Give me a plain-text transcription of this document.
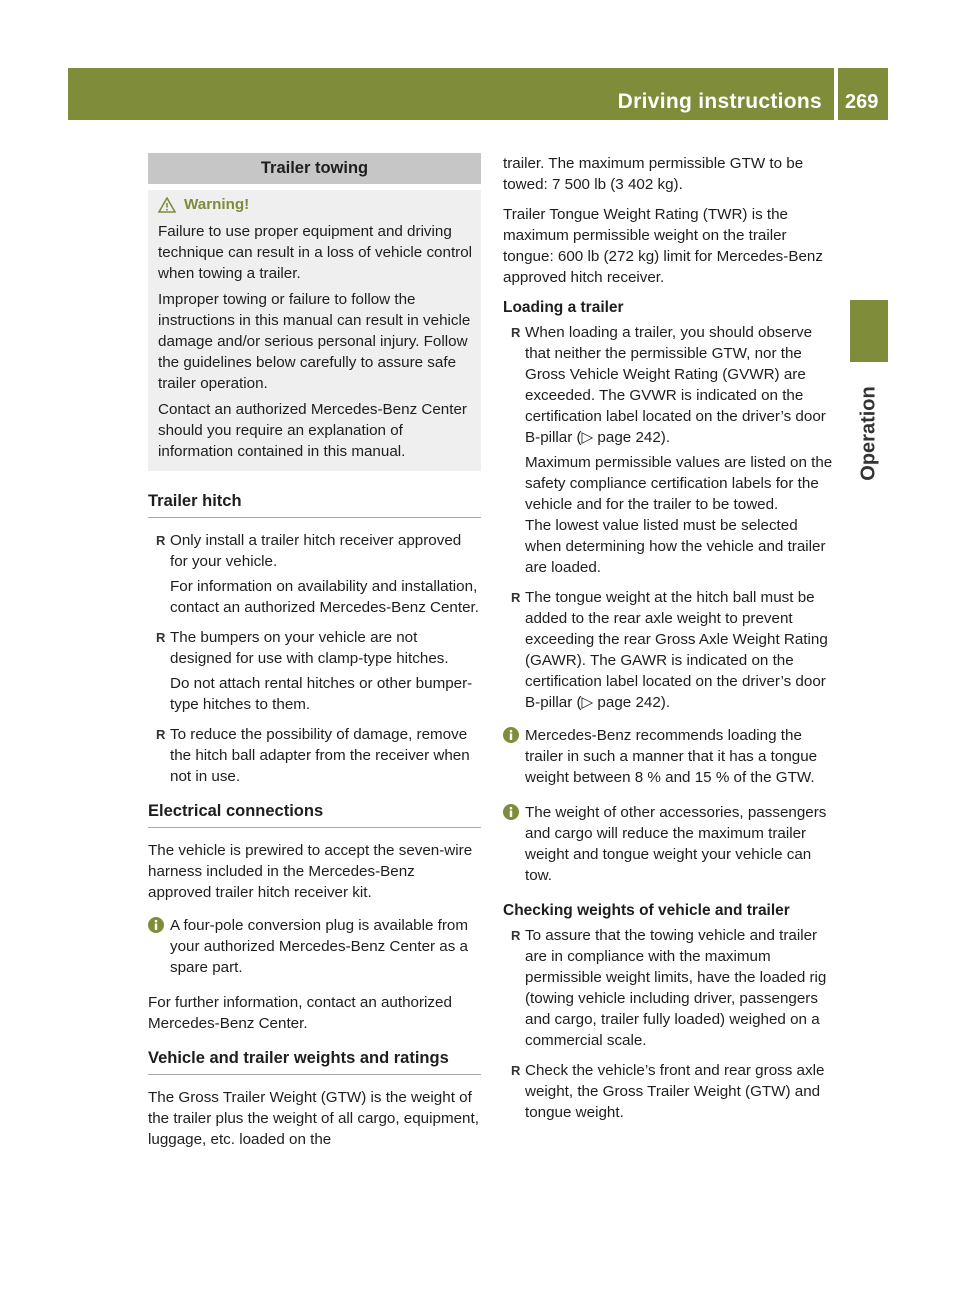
Driving instructions	269
Operation
Trailer towing
Warning!

Failure to use proper equipment and driving technique can result in a loss of vehicle control when towing a trailer.

Improper towing or failure to follow the instructions in this manual can result in vehicle damage and/or serious personal injury. Follow the guidelines below carefully to assure safe trailer operation.

Contact an authorized Mercedes-Benz Center should you require an explanation of information contained in this manual.

Trailer hitch
R Only install a trailer hitch receiver approved for your vehicle.
For information on availability and installation, contact an authorized Mercedes-Benz Center.
R The bumpers on your vehicle are not designed for use with clamp-type hitches.
Do not attach rental hitches or other bumper-type hitches to them.
R To reduce the possibility of damage, remove the hitch ball adapter from the receiver when not in use.
Electrical connections

The vehicle is prewired to accept the seven-wire harness included in the Mercedes-Benz approved trailer hitch receiver kit.

A four-pole conversion plug is available from your authorized Mercedes-Benz Center as a spare part.

For further information, contact an authorized Mercedes-Benz Center.

Vehicle and trailer weights and ratings

The Gross Trailer Weight (GTW) is the weight of the trailer plus the weight of all cargo, equipment, luggage, etc. loaded on the

trailer. The maximum permissible GTW to be towed: 7 500 lb (3 402 kg).

Trailer Tongue Weight Rating (TWR) is the maximum permissible weight on the trailer tongue: 600 lb (272 kg) limit for Mercedes-Benz approved hitch receiver.

Loading a trailer
R When loading a trailer, you should observe that neither the permissible GTW, nor the Gross Vehicle Weight Rating (GVWR) are exceeded. The GVWR is indicated on the certification label located on the driver’s door B-pillar (▷ page 242).
Maximum permissible values are listed on the safety compliance certification labels for the vehicle and for the trailer to be towed.
The lowest value listed must be selected when determining how the vehicle and trailer are loaded.
R The tongue weight at the hitch ball must be added to the rear axle weight to prevent exceeding the rear Gross Axle Weight Rating (GAWR). The GAWR is indicated on the certification label located on the driver’s door B-pillar (▷ page 242).
Mercedes-Benz recommends loading the trailer in such a manner that it has a tongue weight between 8 % and 15 % of the GTW.
The weight of other accessories, passengers and cargo will reduce the maximum trailer weight and tongue weight your vehicle can tow.
Checking weights of vehicle and trailer
R To assure that the towing vehicle and trailer are in compliance with the maximum permissible weight limits, have the loaded rig (towing vehicle including driver, passengers and cargo, trailer fully loaded) weighed on a commercial scale.
R Check the vehicle’s front and rear gross axle weight, the Gross Trailer Weight (GTW) and tongue weight.
